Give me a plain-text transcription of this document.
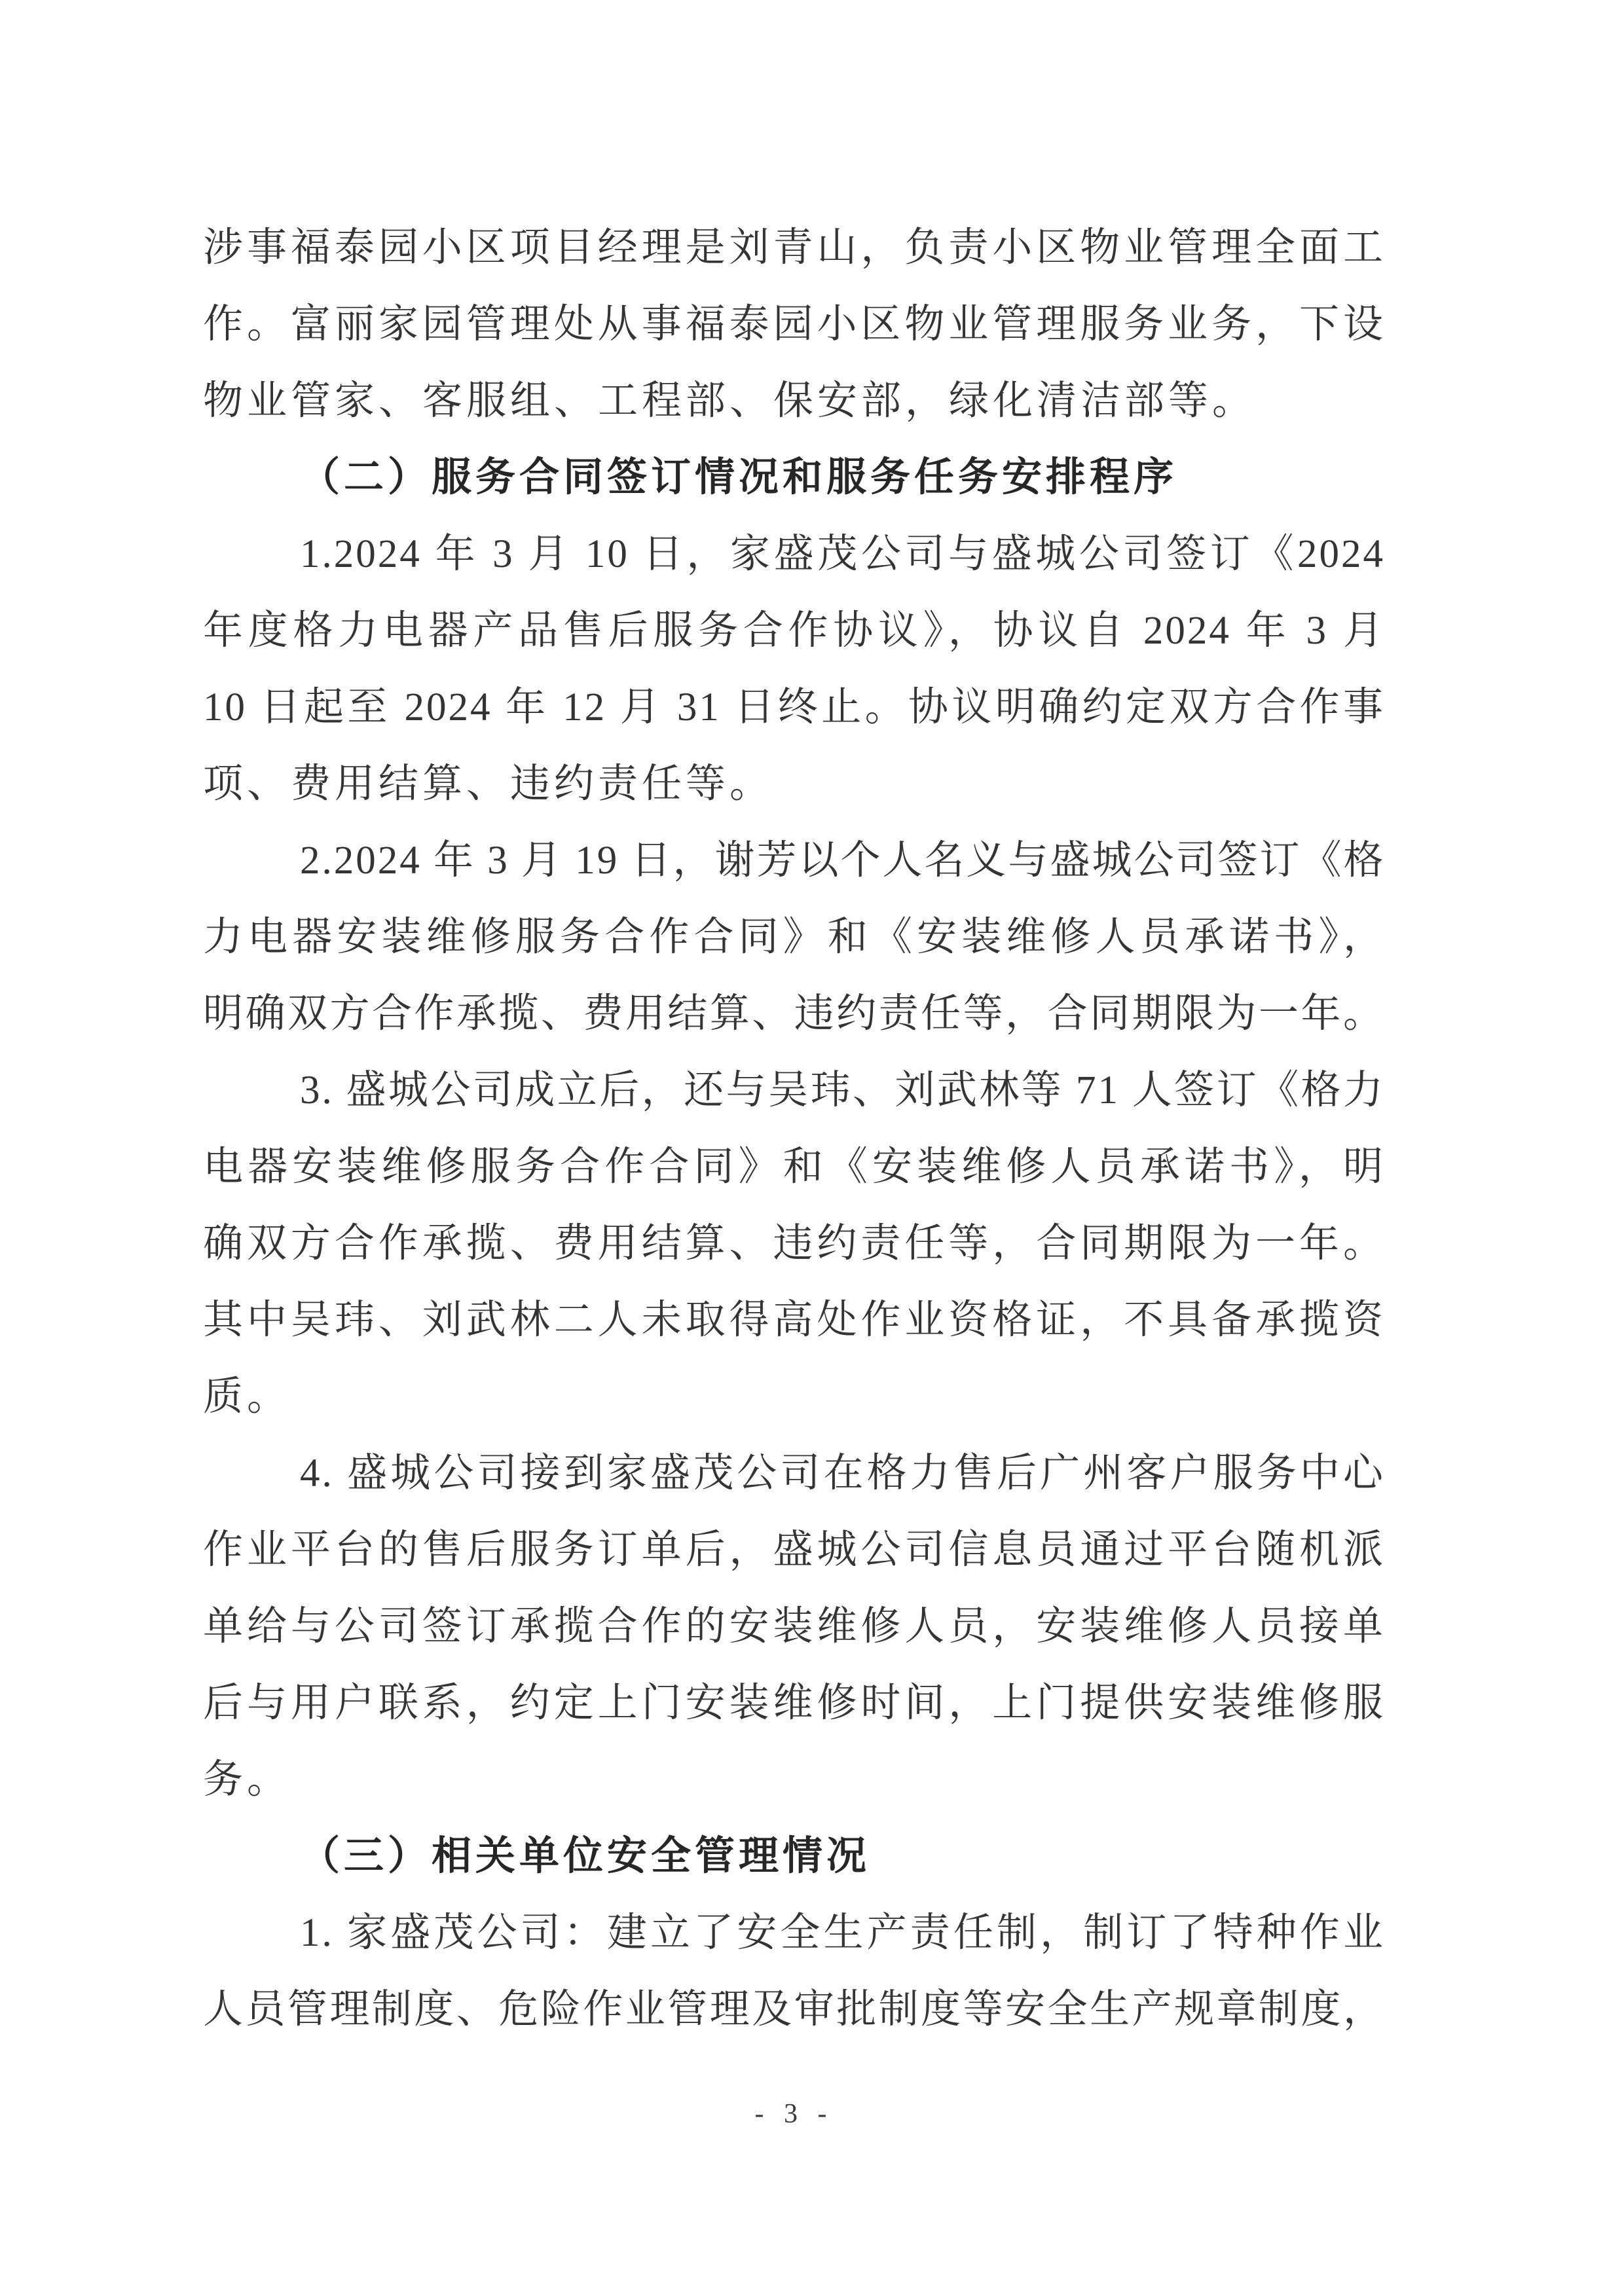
涉事福泰园小区项目经理是刘青山，负责小区物业管理全面工
作。富丽家园管理处从事福泰园小区物业管理服务业务，下设
物业管家、客服组、工程部、保安部，绿化清洁部等。
（二）服务合同签订情况和服务任务安排程序
1.2024 年 3 月 10 日，家盛茂公司与盛城公司签订《2024
年度格力电器产品售后服务合作协议》，协议自 2024 年 3 月
10 日起至 2024 年 12 月 31 日终止。协议明确约定双方合作事
项、费用结算、违约责任等。
2.2024 年 3 月 19 日，谢芳以个人名义与盛城公司签订《格
力电器安装维修服务合作合同》和《安装维修人员承诺书》，
明确双方合作承揽、费用结算、违约责任等，合同期限为一年。
3. 盛城公司成立后，还与吴玮、刘武林等 71 人签订《格力
电器安装维修服务合作合同》和《安装维修人员承诺书》，明
确双方合作承揽、费用结算、违约责任等，合同期限为一年。
其中吴玮、刘武林二人未取得高处作业资格证，不具备承揽资
质。
4. 盛城公司接到家盛茂公司在格力售后广州客户服务中心
作业平台的售后服务订单后，盛城公司信息员通过平台随机派
单给与公司签订承揽合作的安装维修人员，安装维修人员接单
后与用户联系，约定上门安装维修时间，上门提供安装维修服
务。
（三）相关单位安全管理情况
1. 家盛茂公司：建立了安全生产责任制，制订了特种作业
人员管理制度、危险作业管理及审批制度等安全生产规章制度，
- 3 -
